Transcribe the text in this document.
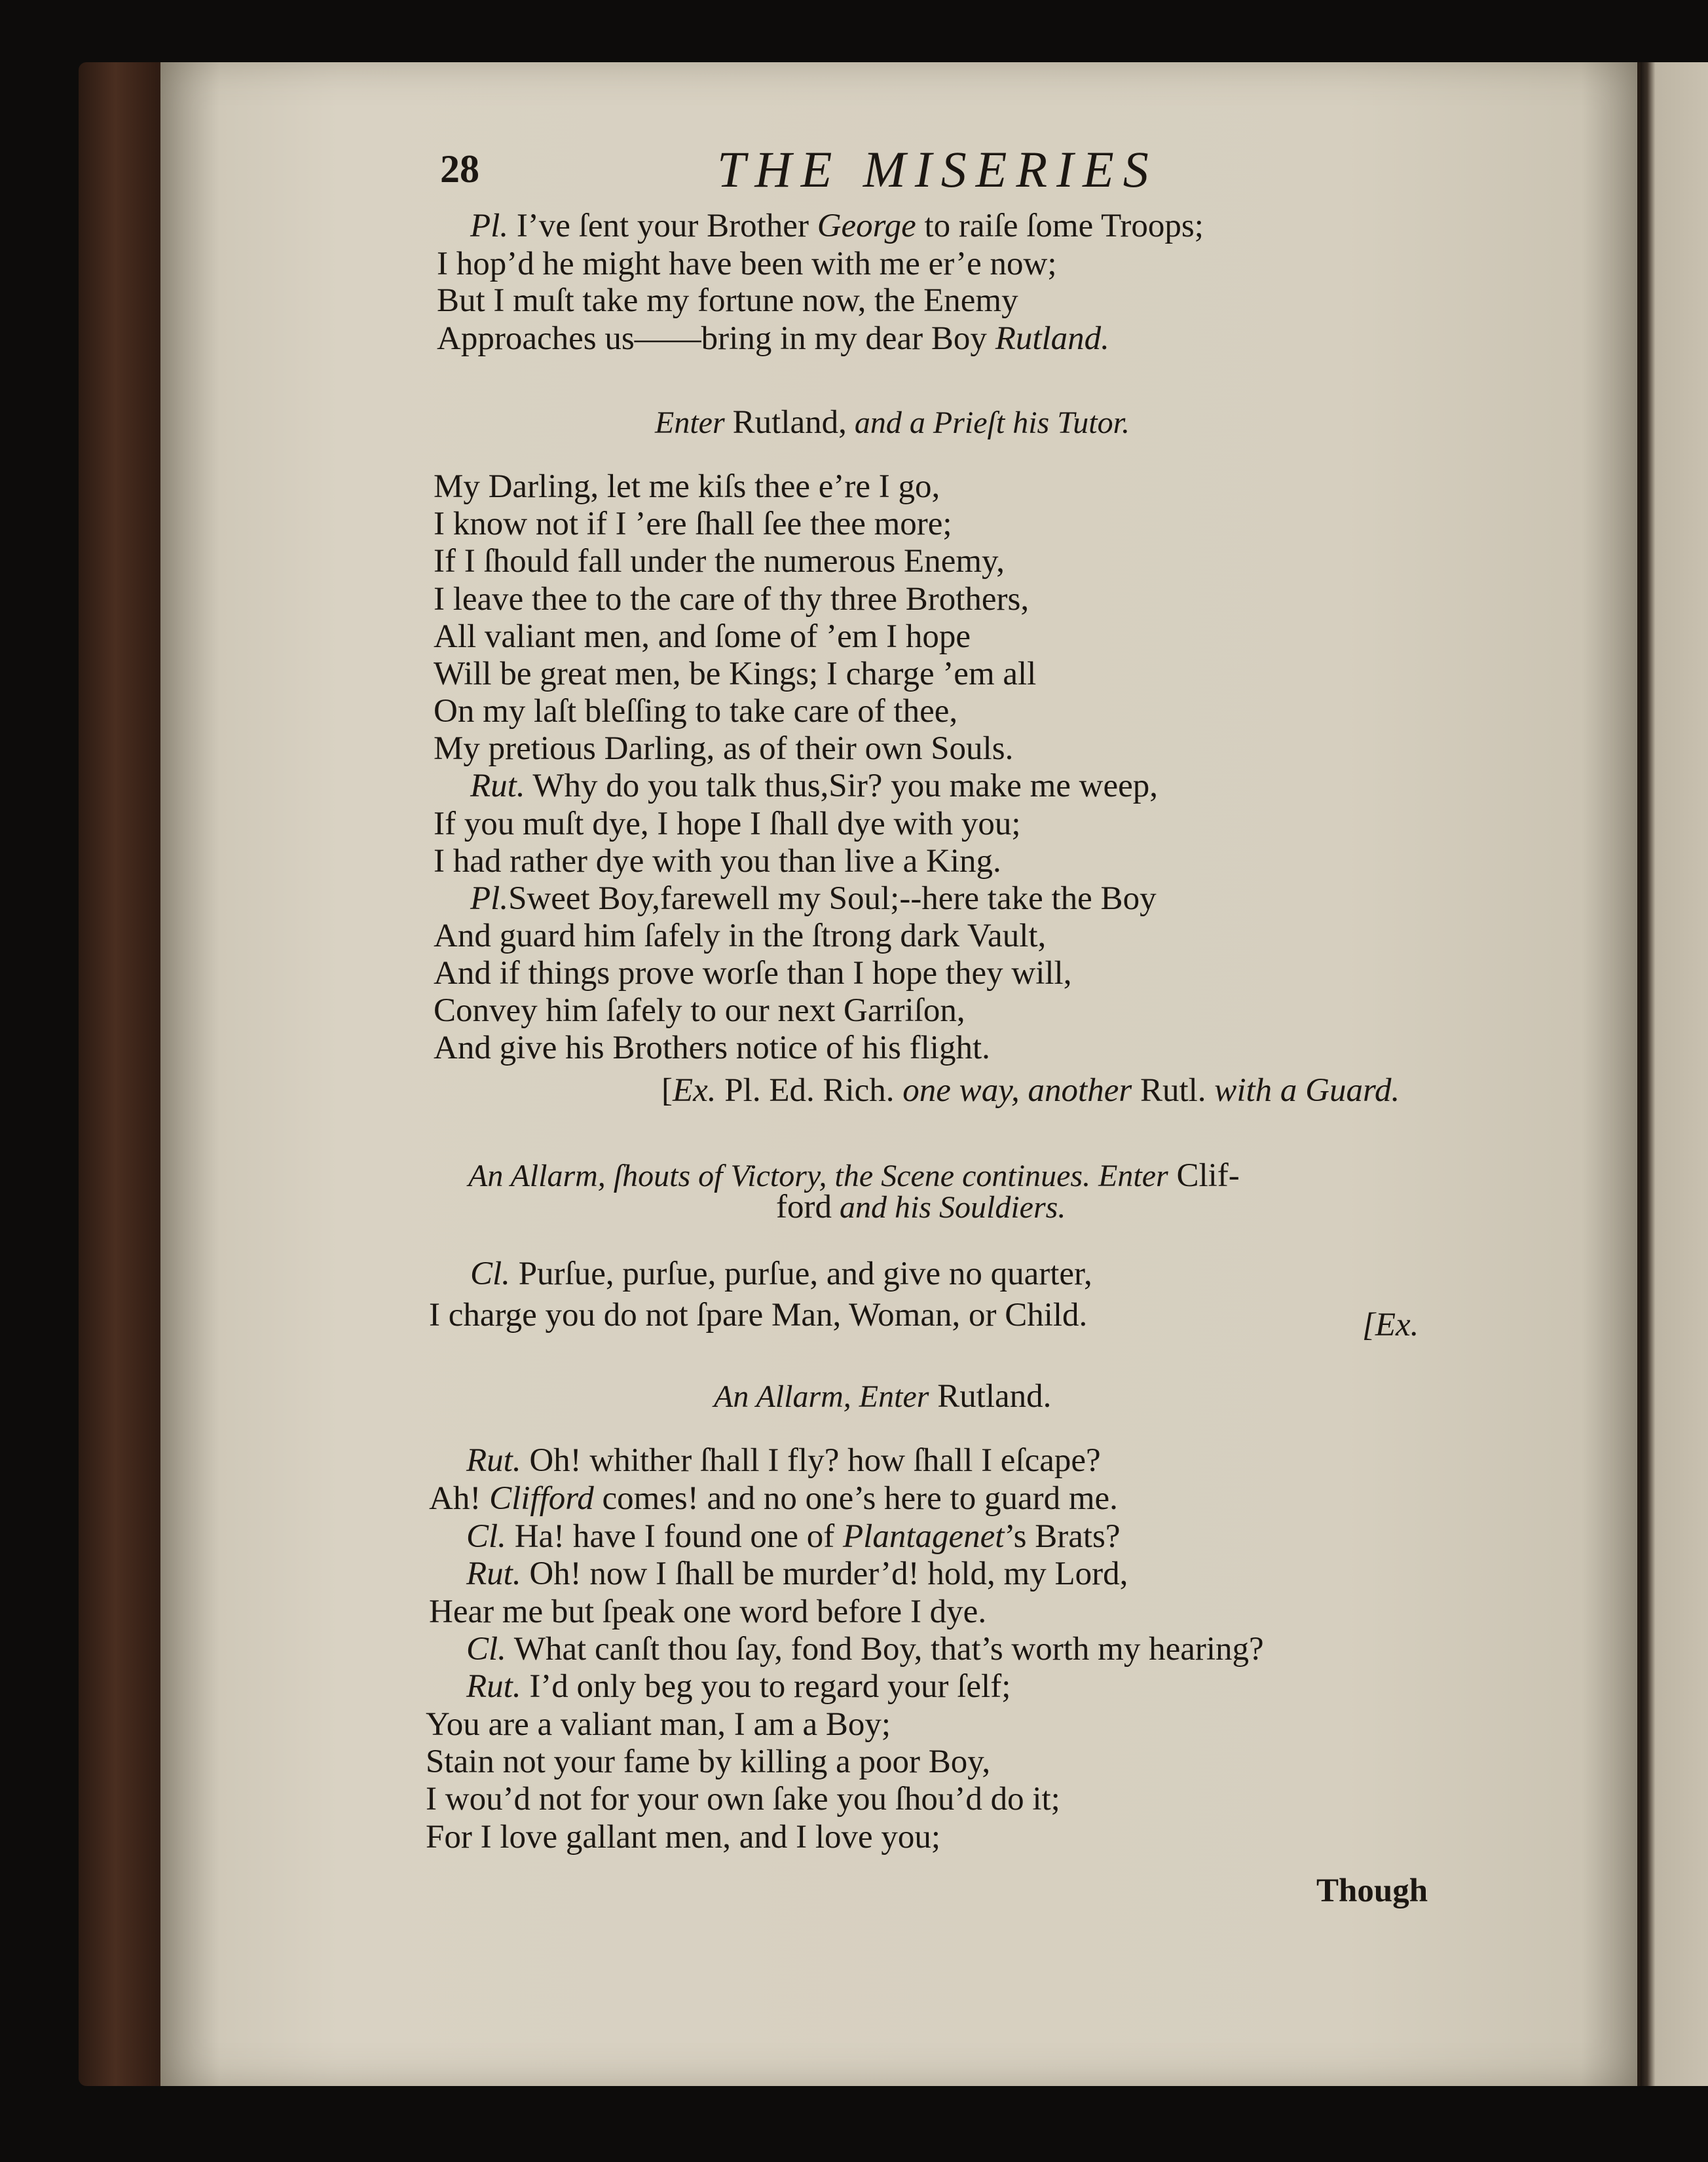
28	THE MISERIES
Pl. I’ve ſent your Brother George to raiſe ſome Troops;
I hop’d he might have been with me er’e now;
But I muſt take my fortune now, the Enemy
Approaches us——bring in my dear Boy Rutland.
Enter Rutland, and a Prieſt his Tutor.
My Darling, let me kiſs thee e’re I go,
I know not if I ’ere ſhall ſee thee more;
If I ſhould fall under the numerous Enemy,
I leave thee to the care of thy three Brothers,
All valiant men, and ſome of ’em I hope
Will be great men, be Kings; I charge ’em all
On my laſt bleſſing to take care of thee,
My pretious Darling, as of their own Souls.
Rut. Why do you talk thus,Sir? you make me weep,
If you muſt dye, I hope I ſhall dye with you;
I had rather dye with you than live a King.
Pl.Sweet Boy,farewell my Soul;--here take the Boy
And guard him ſafely in the ſtrong dark Vault,
And if things prove worſe than I hope they will,
Convey him ſafely to our next Garriſon,
And give his Brothers notice of his flight.
[Ex. Pl. Ed. Rich. one way, another Rutl. with a Guard.
An Allarm, ſhouts of Victory, the Scene continues. Enter Clif-
ford and his Souldiers.
Cl. Purſue, purſue, purſue, and give no quarter,
I charge you do not ſpare Man, Woman, or Child.	[Ex.
An Allarm, Enter Rutland.
Rut. Oh! whither ſhall I fly? how ſhall I eſcape?
Ah! Clifford comes! and no one’s here to guard me.
Cl. Ha! have I found one of Plantagenet’s Brats?
Rut. Oh! now I ſhall be murder’d! hold, my Lord,
Hear me but ſpeak one word before I dye.
Cl. What canſt thou ſay, fond Boy, that’s worth my hearing?
Rut. I’d only beg you to regard your ſelf;
You are a valiant man, I am a Boy;
Stain not your fame by killing a poor Boy,
I wou’d not for your own ſake you ſhou’d do it;
For I love gallant men, and I love you;
Though
